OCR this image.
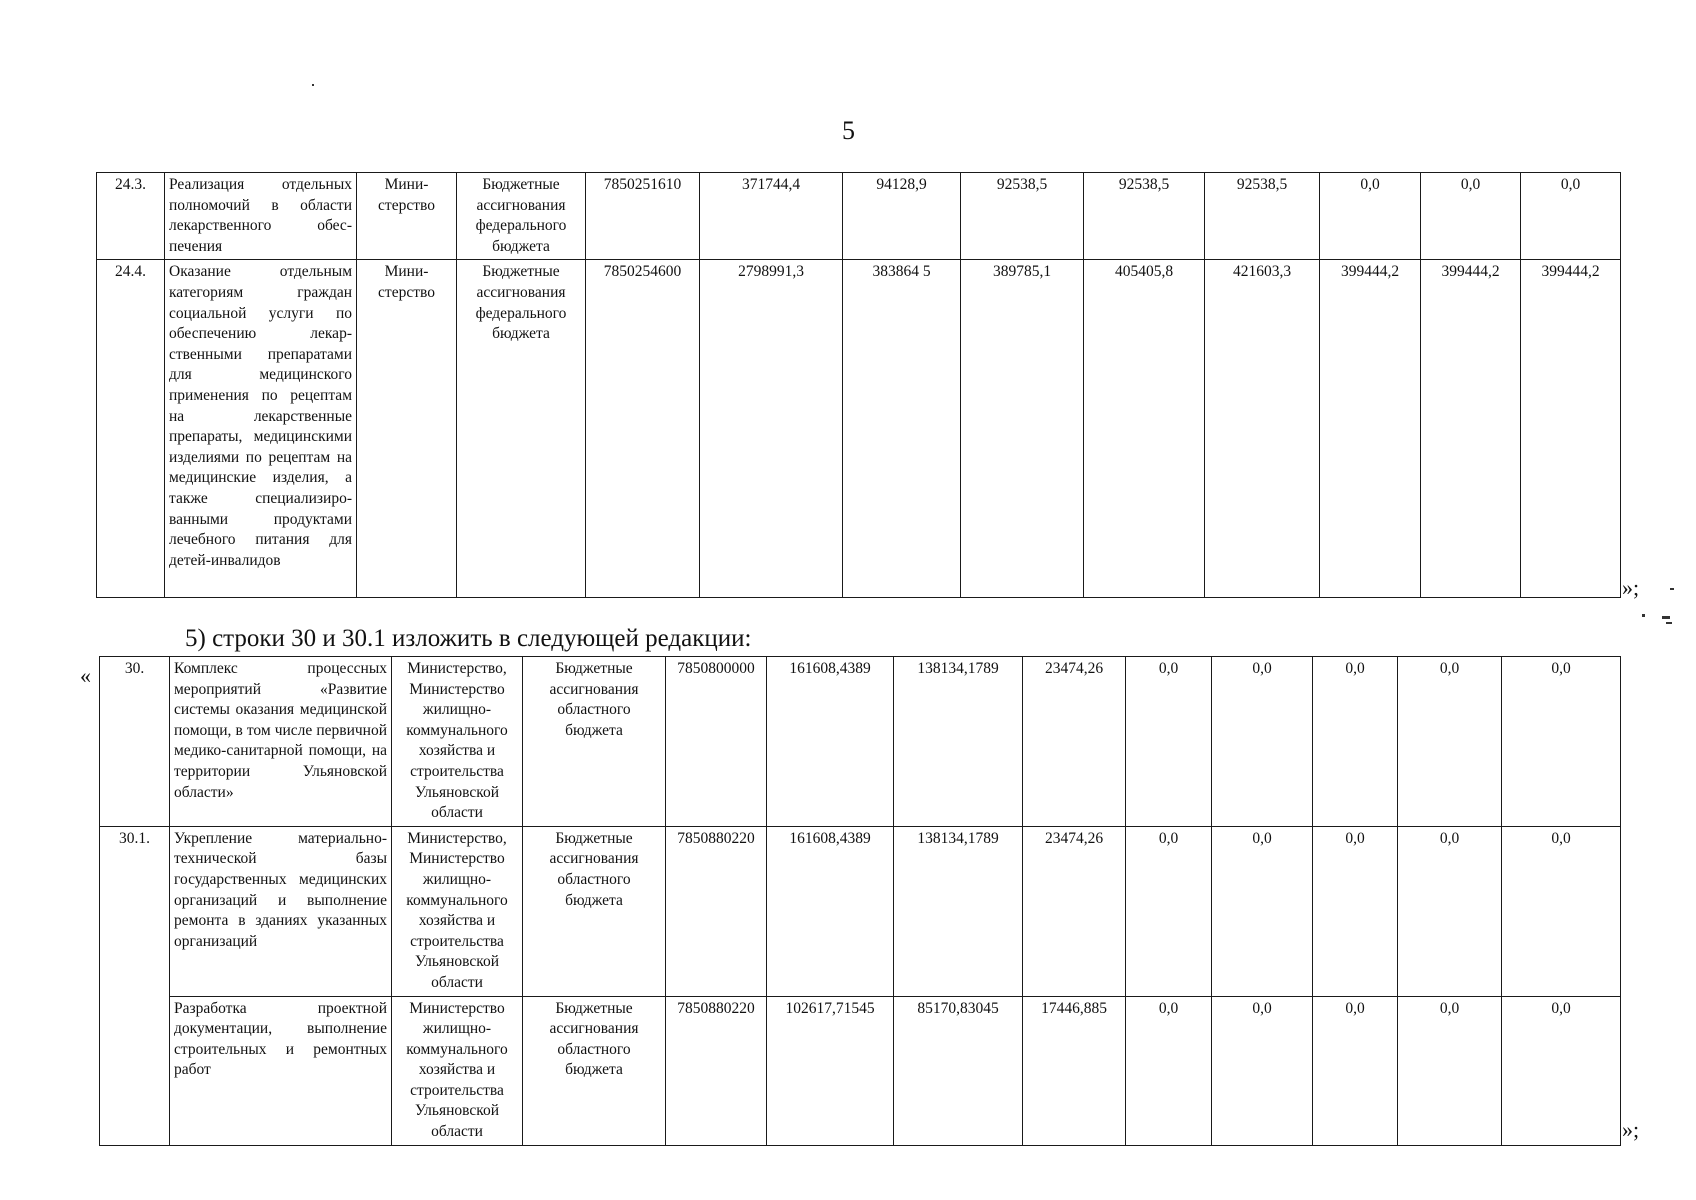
5
24.3.	Реализация отдельных полномочий в области лекарственного обеспечения	Министерство	Бюджетные ассигнования федерального бюджета	7850251610	371744,4	94128,9	92538,5	92538,5	92538,5	0,0	0,0	0,0
24.4.	Оказание отдельным категориям граждан социальной услуги по обеспечению лекарственными препаратами для медицинского применения по рецептам на лекарственные препараты, медицинскими изделиями по рецептам на медицинские изделия, а также специализированными продуктами лечебного питания для детей-инвалидов	Министерство	Бюджетные ассигнования федерального бюджета	7850254600	2798991,3	383864 5	389785,1	405405,8	421603,3	399444,2	399444,2	399444,2
»;
5) строки 30 и 30.1 изложить в следующей редакции:
« 30.	Комплекс процессных мероприятий «Развитие системы оказания медицинской помощи, в том числе первичной медико-санитарной помощи, на территории Ульяновской области»	Министерство, Министерство жилищно-коммунального хозяйства и строительства Ульяновской области	Бюджетные ассигнования областного бюджета	7850800000	161608,4389	138134,1789	23474,26	0,0	0,0	0,0	0,0	0,0
30.1.	Укрепление материально-технической базы государственных медицинских организаций и выполнение ремонта в зданиях указанных организаций	Министерство, Министерство жилищно-коммунального хозяйства и строительства Ульяновской области	Бюджетные ассигнования областного бюджета	7850880220	161608,4389	138134,1789	23474,26	0,0	0,0	0,0	0,0	0,0
	Разработка проектной документации, выполнение строительных и ремонтных работ	Министерство жилищно-коммунального хозяйства и строительства Ульяновской области	Бюджетные ассигнования областного бюджета	7850880220	102617,71545	85170,83045	17446,885	0,0	0,0	0,0	0,0	0,0
»;
